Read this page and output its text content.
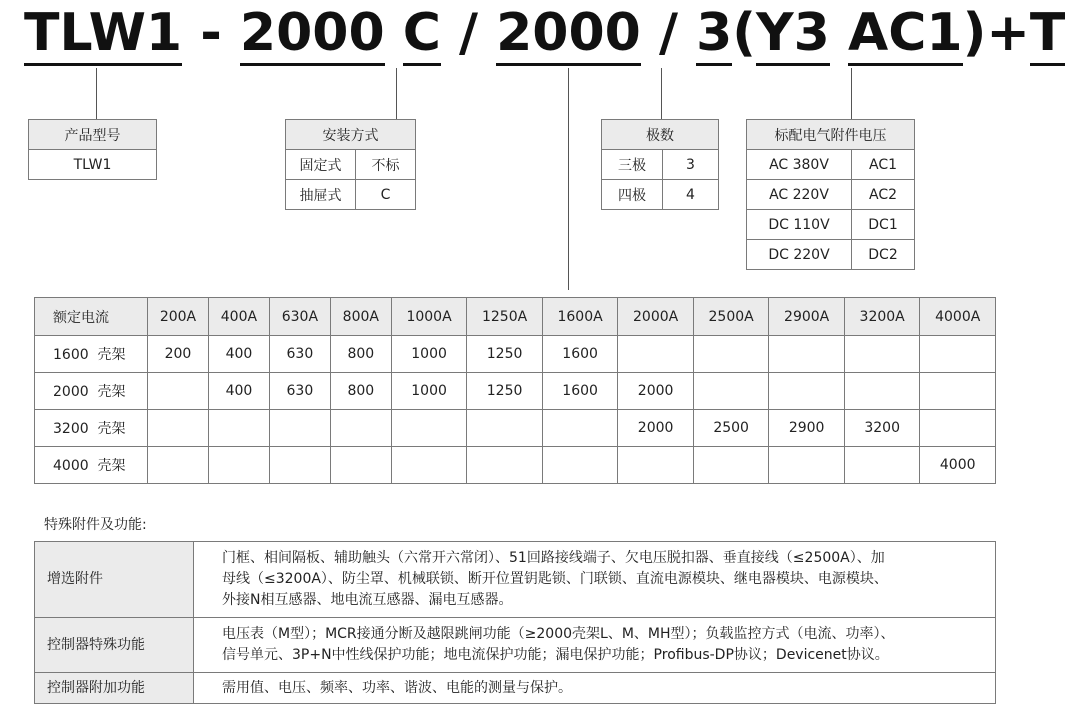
TLW1 - 2000 C / 2000 / 3(Y3 AC1)+T
产品型号
TLW1
安装方式	
固定式	不标
抽屉式	C
极数	
三极	3
四极	4
标配电气附件电压	
AC 380V	AC1
AC 220V	AC2
DC 110V	DC1
DC 220V	DC2
额定电流	200A	400A	630A	800A	1000A	1250A	1600A	2000A	2500A	2900A	3200A	4000A
1600  壳架	200	400	630	800	1000	1250	1600					
2000  壳架		400	630	800	1000	1250	1600	2000				
3200  壳架								2000	2500	2900	3200	
4000  壳架												4000
特殊附件及功能:
增选附件	门框、相间隔板、辅助触头（六常开六常闭）、51回路接线端子、欠电压脱扣器、垂直接线（≤2500A）、加
母线（≤3200A）、防尘罩、机械联锁、断开位置钥匙锁、门联锁、直流电源模块、继电器模块、电源模块、
外接N相互感器、地电流互感器、漏电互感器。

控制器特殊功能	电压表（M型）；MCR接通分断及越限跳闸功能（≥2000壳架L、M、MH型）；负载监控方式（电流、功率）、
信号单元、3P+N中性线保护功能；地电流保护功能；漏电保护功能；Profibus-DP协议；Devicenet协议。

控制器附加功能	需用值、电压、频率、功率、谐波、电能的测量与保护。
